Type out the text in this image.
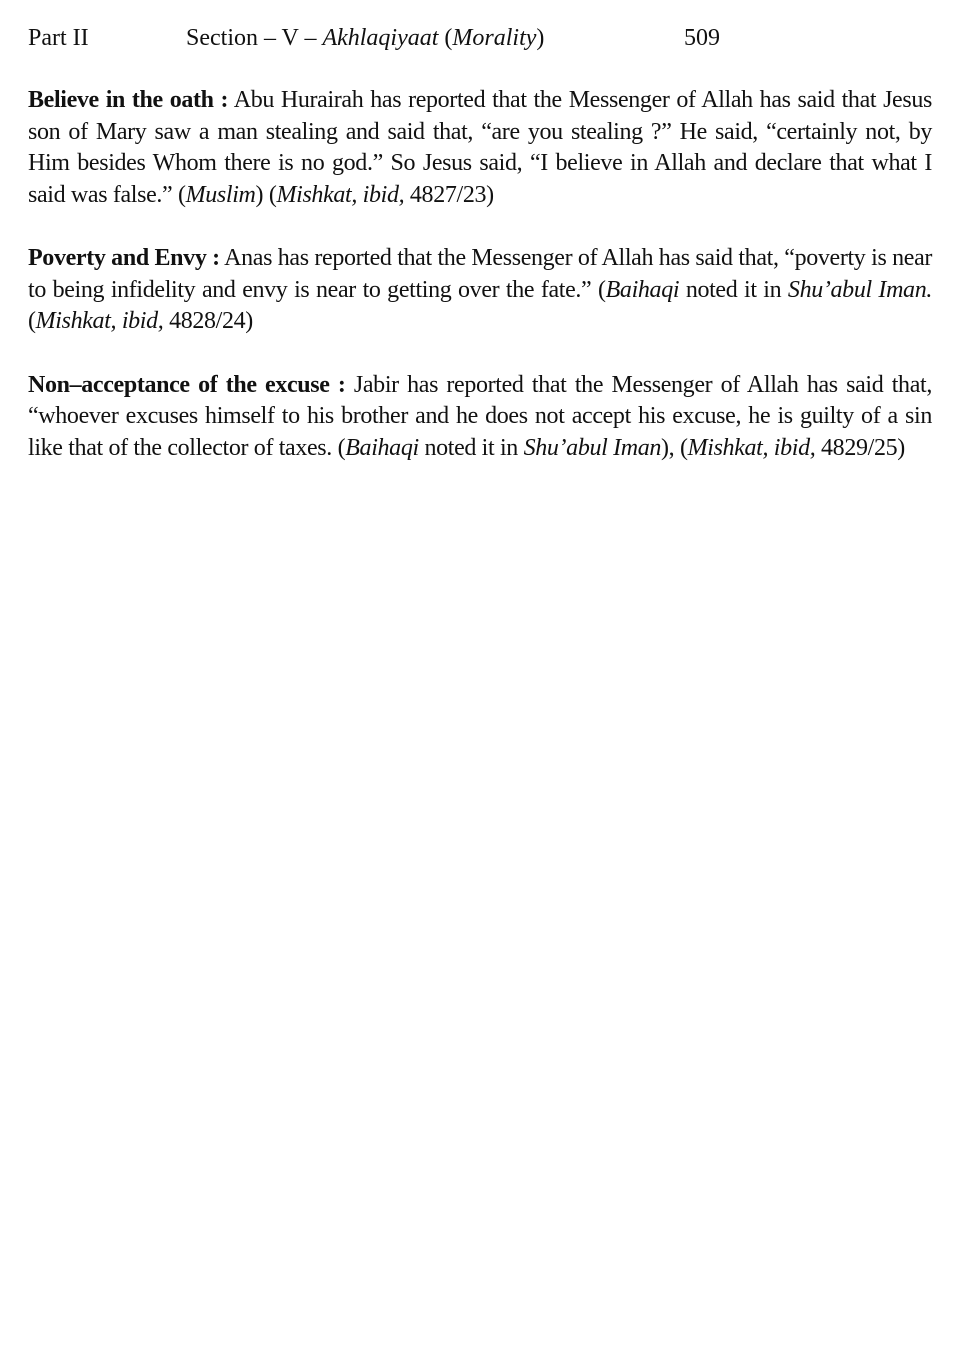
Part II	Section – V – Akhlaqiyaat (Morality)	509

Believe in the oath : Abu Hurairah has reported that the Messenger of Allah has said that Jesus son of Mary saw a man stealing and said that, “are you stealing ?” He said, “certainly not, by Him besides Whom there is no god.” So Jesus said, “I believe in Allah and declare that what I said was false.” (Muslim) (Mishkat, ibid, 4827/23)

Poverty and Envy : Anas has reported that the Messenger of Allah has said that, “poverty is near to being infidelity and envy is near to getting over the fate.” (Baihaqi noted it in Shu’abul Iman. (Mishkat, ibid, 4828/24)

Non–acceptance of the excuse : Jabir has reported that the Messenger of Allah has said that, “whoever excuses himself to his brother and he does not accept his excuse, he is guilty of a sin like that of the collector of taxes. (Baihaqi noted it in Shu’abul Iman), (Mishkat, ibid, 4829/25)
